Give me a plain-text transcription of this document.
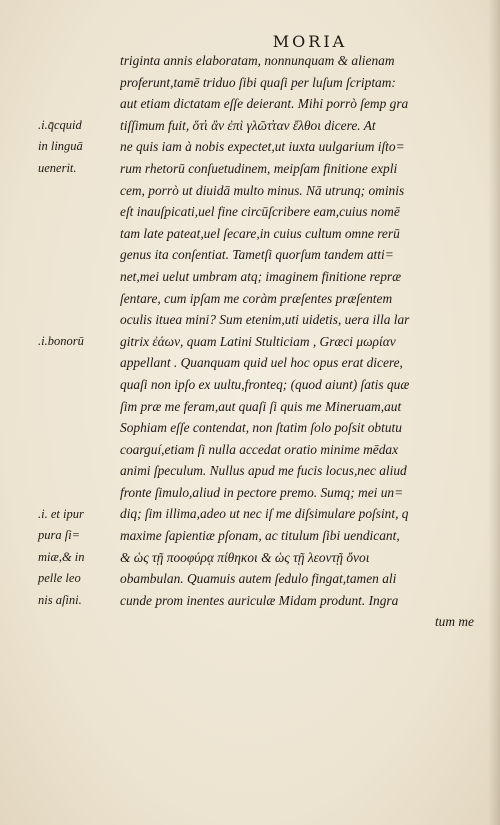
MORIA
triginta annis elaboratam, nonnunquam & alienam
proferunt,tamē triduo ſibi quaſi per luſum ſcriptam:
aut etiam dictatam eſſe deierant. Mihi porrò ſemp gra
tiſſimum fuit, ὅτ̓ι ἂν ἐπὶ γλῶτ̓ταν ἔλθοι dicere. At
ne quis iam à nobis expectet,ut iuxta uulgarium iſto=
rum rhetorū conſuetudinem, meipſam finitione expli
cem, porrò ut diuidā multo minus. Nā utrunq; ominis
eſt inauſpicati,uel fine circūſcribere eam,cuius nomē
tam late pateat,uel ſecare,in cuius cultum omne rerū
genus ita conſentiat. Tametſi quorſum tandem atti=
net,mei uelut umbram atq; imaginem finitione repræ
ſentare, cum ipſam me coràm præſentes præſentem
oculis ituea mini? Sum etenim,uti uidetis, uera illa lar
gitrix ἐάων, quam Latini Stulticiam , Græci μωρίαν
appellant . Quanquam quid uel hoc opus erat dicere,
quaſi non ipſo ex uultu,fronteq; (quod aiunt) ſatis quæ
ſim præ me feram,aut quaſi ſi quis me Mineruam,aut
Sophiam eſſe contendat, non ſtatim ſolo poſsit obtutu
coarguí,etiam ſi nulla accedat oratio minime mēdax
animi ſpeculum. Nullus apud me fucis locus,nec aliud
fronte ſimulo,aliud in pectore premo. Sumq; mei un=
diq; ſim illima,adeo ut nec iſ me diſsimulare poſsint, q
maxime ſapientiæ pſonam, ac titulum ſibi uendicant,
& ὡς τῇ ποοφύρᾳ πίθηκοι & ὡς τῇ λεοντῇ ὄνοι
obambulan. Quamuis autem ſedulo fingat,tamen ali
cunde prom inentes auriculæ Midam produnt. Ingra
tum me
.i.q̄cquid
in linguā
uenerit.
.i.bonorū
.i. et ipur
pura ſi=
miæ,& in
pelle leo
nis aſini.
